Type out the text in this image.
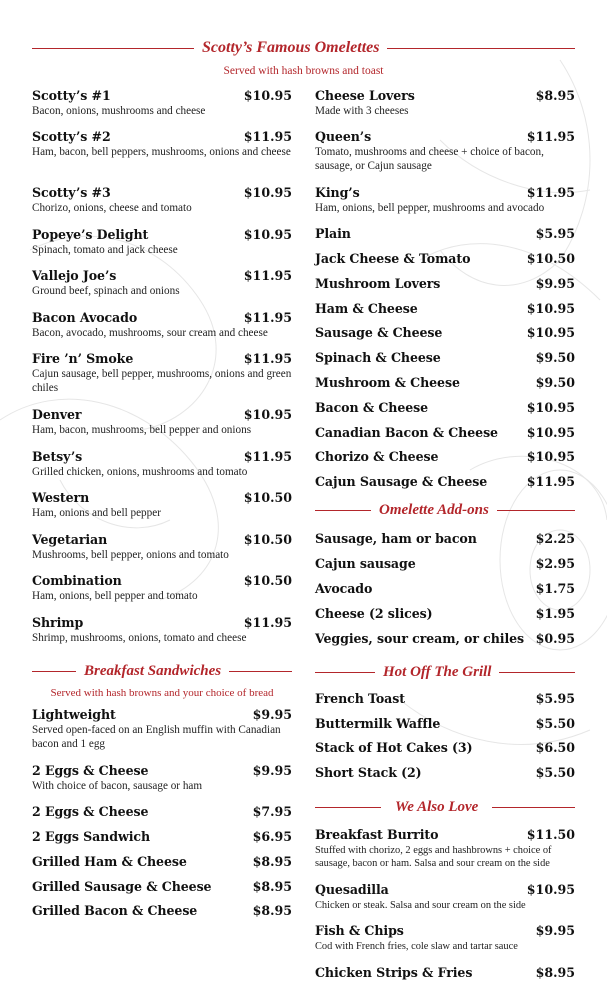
Scotty’s Famous Omelettes
Served with hash browns and toast
Scotty’s #1	$10.95
Bacon, onions, mushrooms and cheese
Scotty’s #2	$11.95
Ham, bacon, bell peppers, mushrooms, onions and cheese
Scotty’s #3	$10.95
Chorizo, onions, cheese and tomato
Popeye’s Delight	$10.95
Spinach, tomato and jack cheese
Vallejo Joe’s	$11.95
Ground beef, spinach and onions
Bacon Avocado	$11.95
Bacon, avocado, mushrooms, sour cream and cheese
Fire ’n’ Smoke	$11.95
Cajun sausage, bell pepper, mushrooms, onions and green chiles
Denver	$10.95
Ham, bacon, mushrooms, bell pepper and onions
Betsy’s	$11.95
Grilled chicken, onions, mushrooms and tomato
Western	$10.50
Ham, onions and bell pepper
Vegetarian	$10.50
Mushrooms, bell pepper, onions and tomato
Combination	$10.50
Ham, onions, bell pepper and tomato
Shrimp	$11.95
Shrimp, mushrooms, onions, tomato and cheese
Cheese Lovers	$8.95
Made with 3 cheeses
Queen’s	$11.95
Tomato, mushrooms and cheese + choice of bacon, sausage, or Cajun sausage
King’s	$11.95
Ham, onions, bell pepper, mushrooms and avocado
Plain	$5.95
Jack Cheese & Tomato	$10.50
Mushroom Lovers	$9.95
Ham & Cheese	$10.95
Sausage & Cheese	$10.95
Spinach & Cheese	$9.50
Mushroom & Cheese	$9.50
Bacon & Cheese	$10.95
Canadian Bacon & Cheese $10.95
Chorizo & Cheese	$10.95
Cajun Sausage & Cheese	$11.95
Omelette Add-ons
Sausage, ham or bacon	$2.25
Cajun sausage	$2.95
Avocado	$1.75
Cheese (2 slices)	$1.95
Veggies, sour cream, or chiles $0.95
Hot Off The Grill
French Toast	$5.95
Buttermilk Waffle	$5.50
Stack of Hot Cakes (3)	$6.50
Short Stack (2)	$5.50
We Also Love
Breakfast Burrito	$11.50
Stuffed with chorizo, 2 eggs and hashbrowns + choice of sausage, bacon or ham. Salsa and sour cream on the side
Quesadilla	$10.95
Chicken or steak. Salsa and sour cream on the side
Fish & Chips	$9.95
Cod with French fries, cole slaw and tartar sauce
Chicken Strips & Fries	$8.95
Breakfast Sandwiches
Served with hash browns and your choice of bread
Lightweight	$9.95
Served open-faced on an English muffin with Canadian bacon and 1 egg
2 Eggs & Cheese	$9.95
With choice of bacon, sausage or ham
2 Eggs & Cheese	$7.95
2 Eggs Sandwich	$6.95
Grilled Ham & Cheese	$8.95
Grilled Sausage & Cheese	$8.95
Grilled Bacon & Cheese	$8.95
